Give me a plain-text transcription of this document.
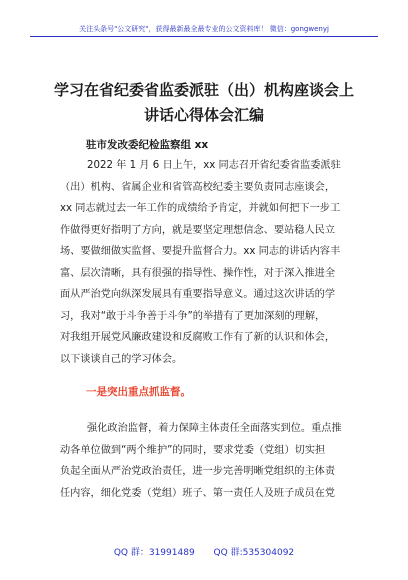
关注头条号"公文研究"，获得最新最全最专业的公文资料库！ 微信：gongwenyj
学习在省纪委省监委派驻（出）机构座谈会上
讲话心得体会汇编
驻市发改委纪检监察组 xx
2022 年 1 月 6 日上午，xx 同志召开省纪委省监委派驻
（出）机构、省属企业和省管高校纪委主要负责同志座谈会，
xx 同志就过去一年工作的成绩给予肯定，并就如何把下一步工
作做得更好指明了方向，就是要坚定理想信念、要站稳人民立
场、要做细做实监督、要提升监督合力。xx 同志的讲话内容丰
富、层次清晰，具有很强的指导性、操作性，对于深入推进全
面从严治党向纵深发展具有重要指导意义。通过这次讲话的学
习，我对“敢于斗争善于斗争”的举措有了更加深刻的理解，
对我组开展党风廉政建设和反腐败工作有了新的认识和体会，
以下谈谈自己的学习体会。
一是突出重点抓监督。
强化政治监督，着力保障主体责任全面落实到位。重点推
动各单位做到“两个维护”的同时，要求党委（党组）切实担
负起全面从严治党政治责任，进一步完善明晰党组织的主体责
任内容，细化党委（党组）班子、第一责任人及班子成员在党
QQ 群：31991489 QQ 群:535304092
